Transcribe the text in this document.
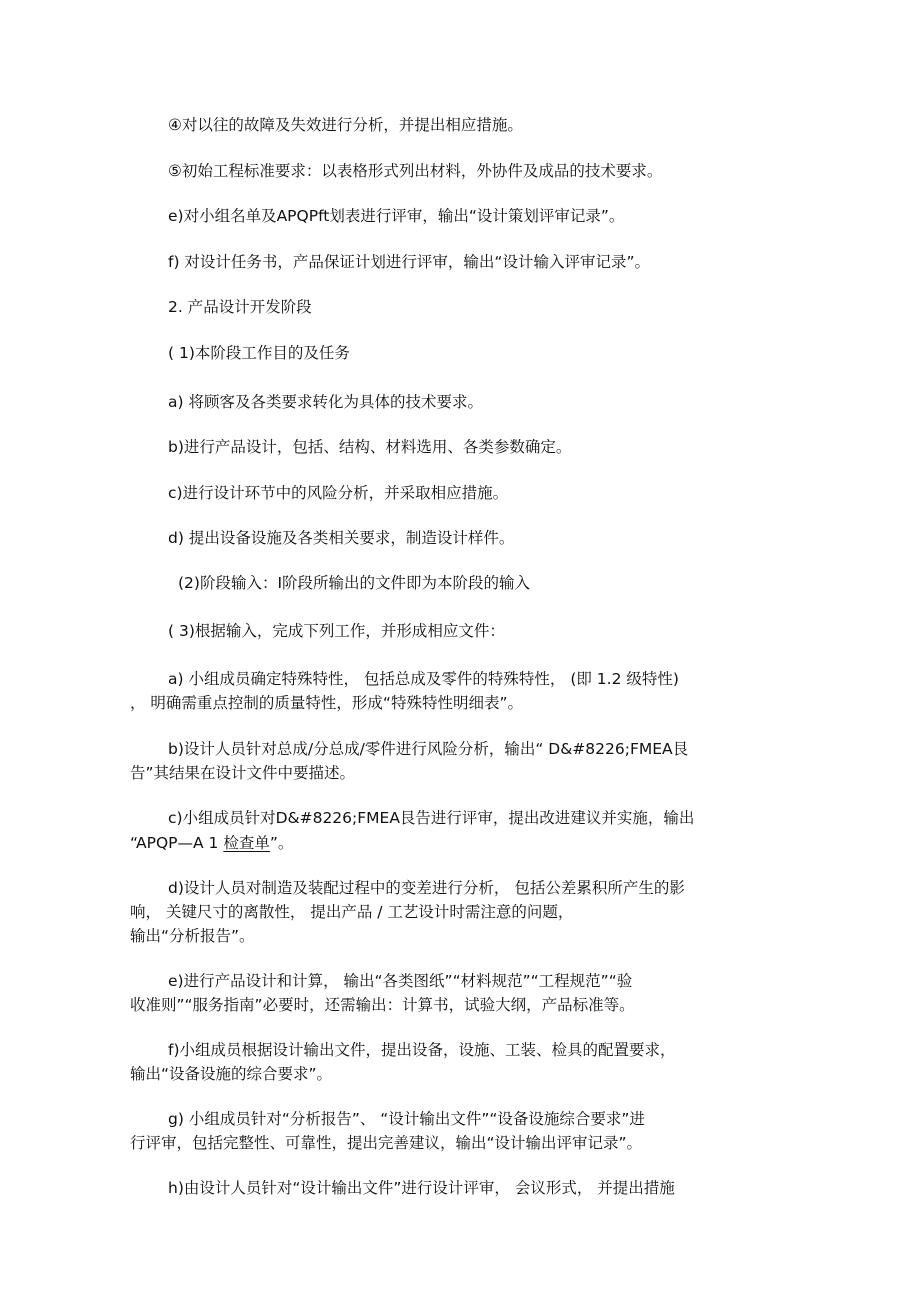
④对以往的故障及失效进行分析，并提出相应措施。

⑤初始工程标准要求：以表格形式列出材料，外协件及成品的技术要求。

e)对小组名单及APQPft划表进行评审，输出“设计策划评审记录”。

f) 对设计任务书，产品保证计划进行评审，输出“设计输入评审记录”。

2. 产品设计开发阶段

( 1)本阶段工作目的及任务

a) 将顾客及各类要求转化为具体的技术要求。

b)进行产品设计，包括、结构、材料选用、各类参数确定。

c)进行设计环节中的风险分析，并采取相应措施。

d) 提出设备设施及各类相关要求，制造设计样件。

(2)阶段输入：I阶段所输出的文件即为本阶段的输入

( 3)根据输入，完成下列工作，并形成相应文件：

a) 小组成员确定特殊特性， 包括总成及零件的特殊特性， (即 1.2 级特性)

， 明确需重点控制的质量特性，形成“特殊特性明细表”。

b)设计人员针对总成/分总成/零件进行风险分析，输出“ D&#8226;FMEA艮

告”其结果在设计文件中要描述。

c)小组成员针对D&#8226;FMEA艮告进行评审，提出改进建议并实施，输出

“APQP—A 1 检查单”。

d)设计人员对制造及装配过程中的变差进行分析， 包括公差累积所产生的影

响， 关键尺寸的离散性， 提出产品 / 工艺设计时需注意的问题，

输出“分析报告”。

e)进行产品设计和计算， 输出“各类图纸”“材料规范”“工程规范”“验

收准则”“服务指南”必要时，还需输出：计算书，试验大纲，产品标准等。

f)小组成员根据设计输出文件，提出设备，设施、工装、检具的配置要求，

输出“设备设施的综合要求”。

g) 小组成员针对“分析报告”、 “设计输出文件”“设备设施综合要求”进

行评审，包括完整性、可靠性，提出完善建议，输出“设计输出评审记录”。

h)由设计人员针对“设计输出文件”进行设计评审， 会议形式， 并提出措施
